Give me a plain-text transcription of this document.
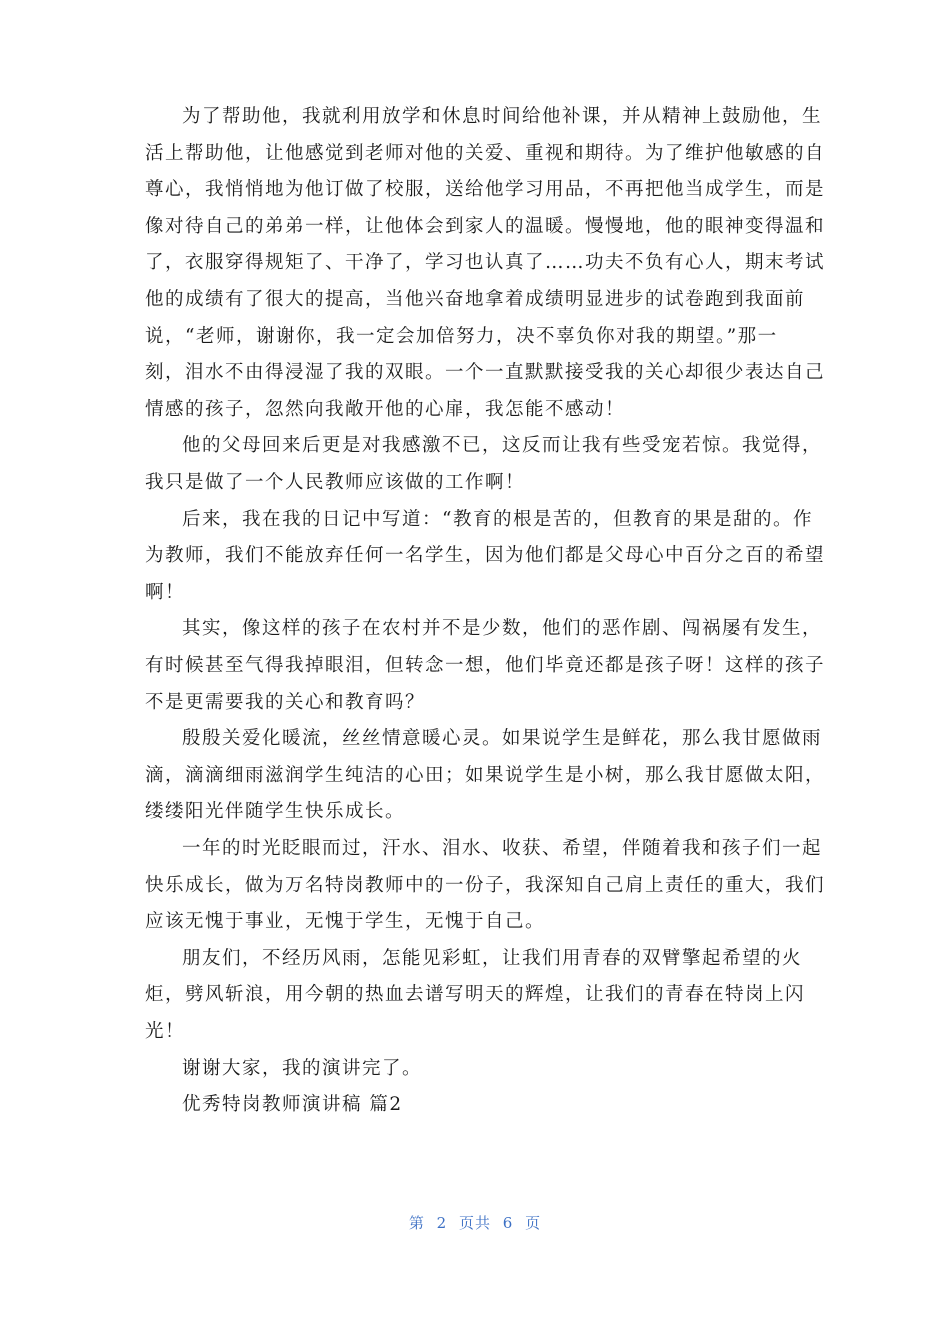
为了帮助他，我就利用放学和休息时间给他补课，并从精神上鼓励他，生
活上帮助他，让他感觉到老师对他的关爱、重视和期待。为了维护他敏感的自
尊心，我悄悄地为他订做了校服，送给他学习用品，不再把他当成学生，而是
像对待自己的弟弟一样，让他体会到家人的温暖。慢慢地，他的眼神变得温和
了，衣服穿得规矩了、干净了，学习也认真了……功夫不负有心人，期末考试
他的成绩有了很大的提高，当他兴奋地拿着成绩明显进步的试卷跑到我面前
说，“老师，谢谢你，我一定会加倍努力，决不辜负你对我的期望。”那一
刻，泪水不由得浸湿了我的双眼。一个一直默默接受我的关心却很少表达自己
情感的孩子，忽然向我敞开他的心扉，我怎能不感动！
他的父母回来后更是对我感激不已，这反而让我有些受宠若惊。我觉得，
我只是做了一个人民教师应该做的工作啊！
后来，我在我的日记中写道：“教育的根是苦的，但教育的果是甜的。作
为教师，我们不能放弃任何一名学生，因为他们都是父母心中百分之百的希望
啊！
其实，像这样的孩子在农村并不是少数，他们的恶作剧、闯祸屡有发生，
有时候甚至气得我掉眼泪，但转念一想，他们毕竟还都是孩子呀！这样的孩子
不是更需要我的关心和教育吗？
殷殷关爱化暖流，丝丝情意暖心灵。如果说学生是鲜花，那么我甘愿做雨
滴，滴滴细雨滋润学生纯洁的心田；如果说学生是小树，那么我甘愿做太阳，
缕缕阳光伴随学生快乐成长。
一年的时光眨眼而过，汗水、泪水、收获、希望，伴随着我和孩子们一起
快乐成长，做为万名特岗教师中的一份子，我深知自己肩上责任的重大，我们
应该无愧于事业，无愧于学生，无愧于自己。
朋友们，不经历风雨，怎能见彩虹，让我们用青春的双臂擎起希望的火
炬，劈风斩浪，用今朝的热血去谱写明天的辉煌，让我们的青春在特岗上闪
光！
谢谢大家，我的演讲完了。
优秀特岗教师演讲稿 篇2
第 2 页共 6 页
